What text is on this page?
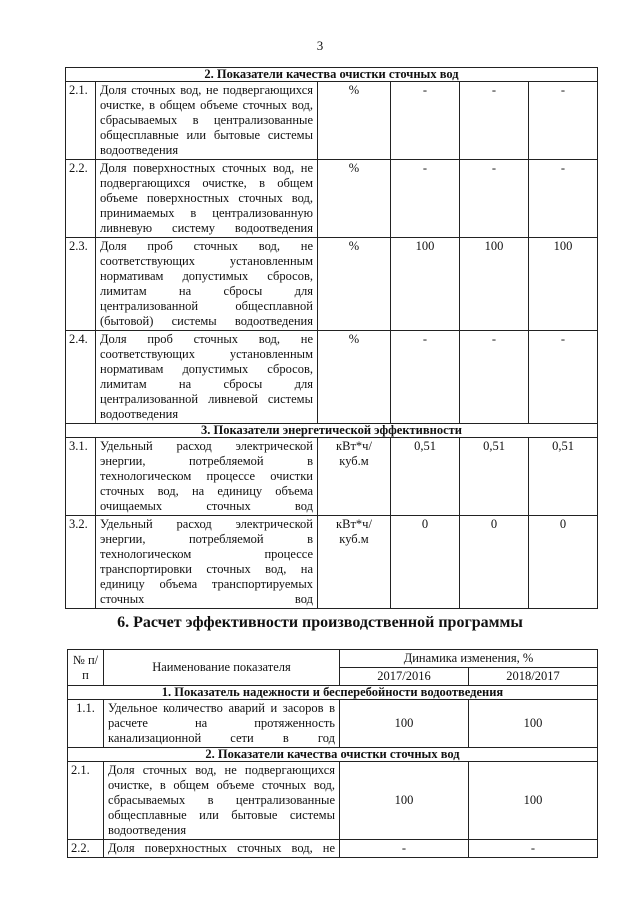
3
2. Показатели качества очистки сточных вод					
2.1.	Доля сточных вод, не подвергающихся очистке, в общем объеме сточных вод, сбрасываемых в централизованные общесплавные или бытовые системы водоотведения	%	-	-	-
2.2.	Доля поверхностных сточных вод, не подвергающихся очистке, в общем объеме поверхностных сточных вод, принимаемых в централизованную ливневую систему водоотведения	%	-	-	-
2.3.	Доля проб сточных вод, не соответствующих установленным нормативам допустимых сбросов, лимитам на сбросы для централизованной общесплавной (бытовой) системы водоотведения	%	100	100	100
2.4.	Доля проб сточных вод, не соответствующих установленным нормативам допустимых сбросов, лимитам на сбросы для централизованной ливневой системы водоотведения	%	-	-	-
3. Показатели энергетической эффективности					
3.1.	Удельный расход электрической энергии, потребляемой в технологическом процессе очистки сточных вод, на единицу объема очищаемых сточных вод	кВт*ч/куб.м	0,51	0,51	0,51
3.2.	Удельный расход электрической энергии, потребляемой в технологическом процессе транспортировки сточных вод, на единицу объема транспортируемых сточных вод	кВт*ч/куб.м	0	0	0
6. Расчет эффективности производственной программы
№ п/п	Наименование показателя	Динамика изменения, %	
		2017/2016	2018/2017
1. Показатель надежности и бесперебойности водоотведения			
1.1.	Удельное количество аварий и засоров в расчете на протяженность канализационной сети в год	100	100
2. Показатели качества очистки сточных вод			
2.1.	Доля сточных вод, не подвергающихся очистке, в общем объеме сточных вод, сбрасываемых в централизованные общесплавные или бытовые системы водоотведения	100	100
2.2.	Доля поверхностных сточных вод, не	-	-
